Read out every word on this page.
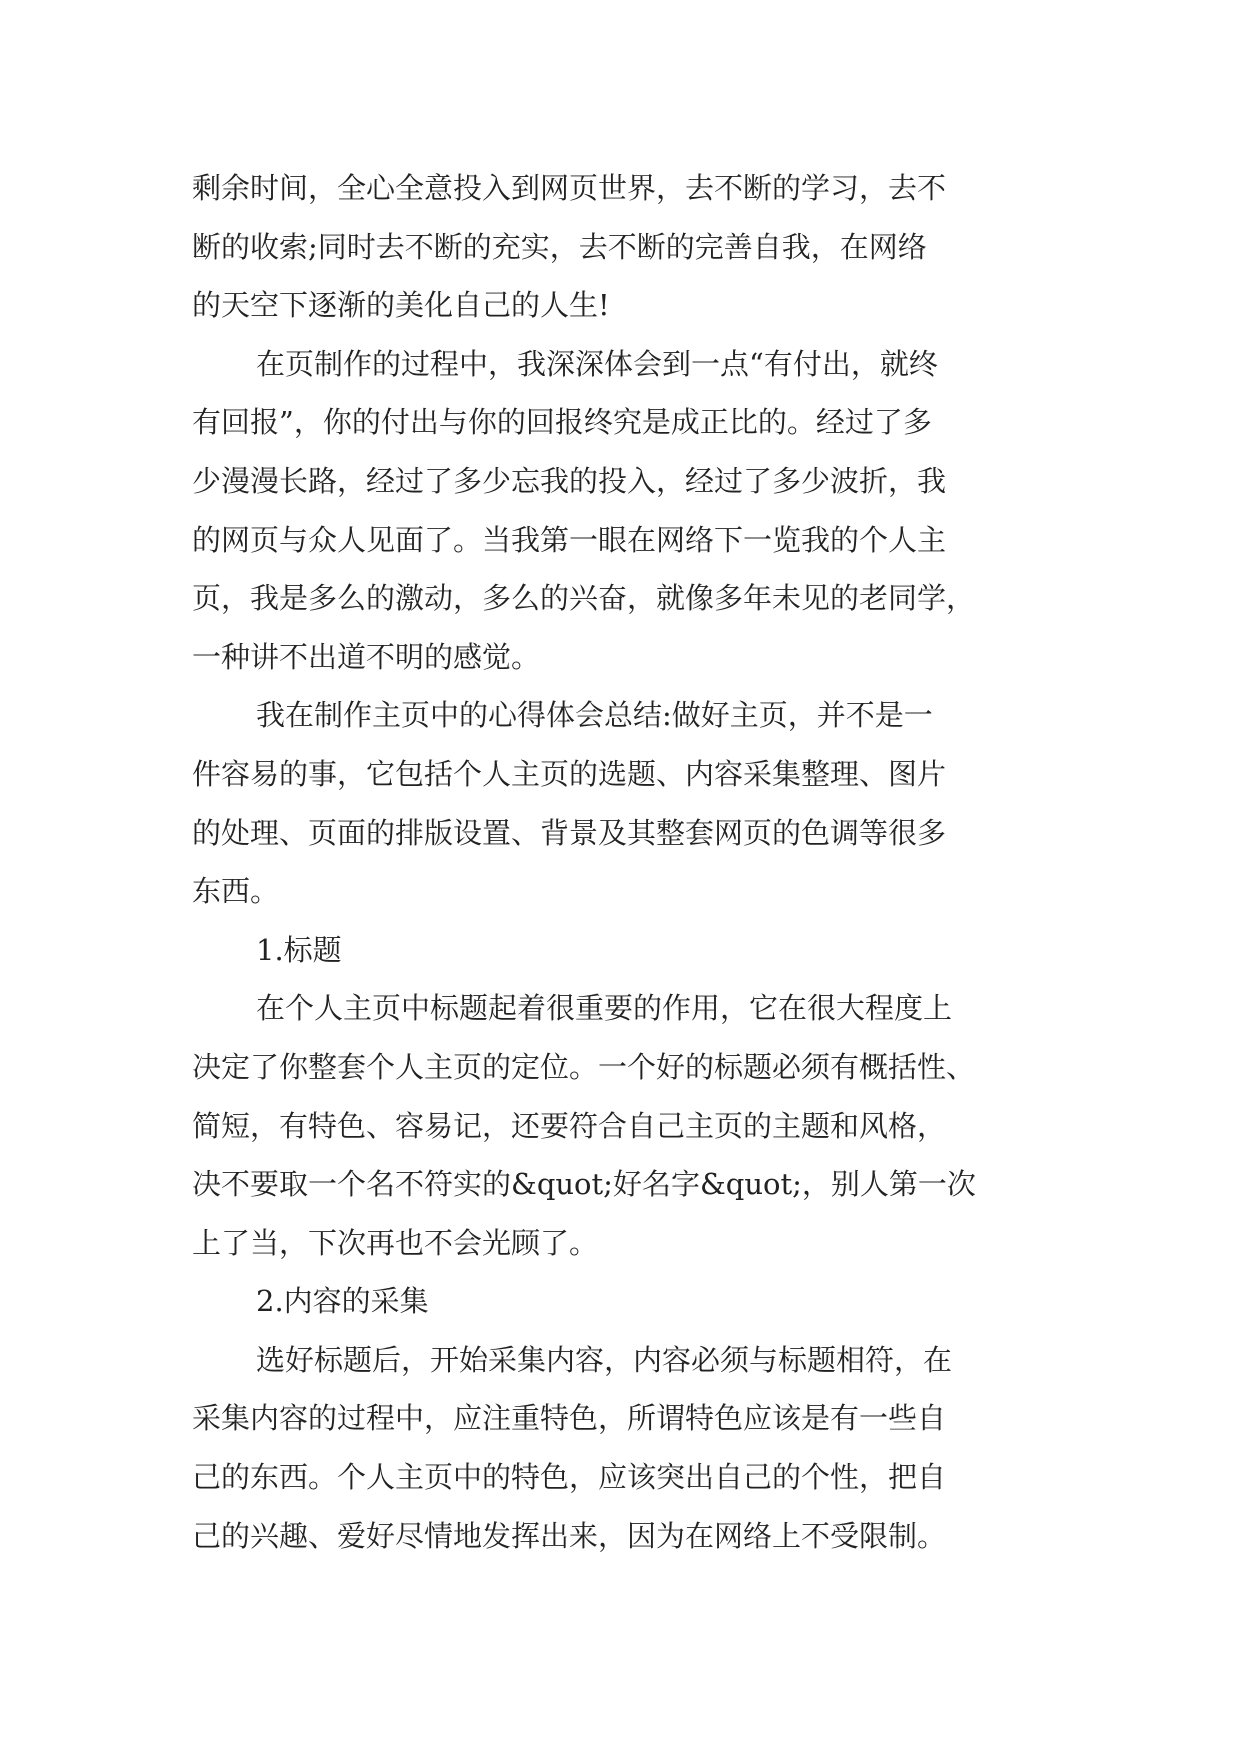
剩余时间，全心全意投入到网页世界，去不断的学习，去不
断的收索;同时去不断的充实，去不断的完善自我，在网络
的天空下逐渐的美化自己的人生!
在页制作的过程中，我深深体会到一点“有付出，就终
有回报”，你的付出与你的回报终究是成正比的。经过了多
少漫漫长路，经过了多少忘我的投入，经过了多少波折，我
的网页与众人见面了。当我第一眼在网络下一览我的个人主
页，我是多么的激动，多么的兴奋，就像多年未见的老同学，
一种讲不出道不明的感觉。
我在制作主页中的心得体会总结:做好主页，并不是一
件容易的事，它包括个人主页的选题、内容采集整理、图片
的处理、页面的排版设置、背景及其整套网页的色调等很多
东西。
1.标题
在个人主页中标题起着很重要的作用，它在很大程度上
决定了你整套个人主页的定位。一个好的标题必须有概括性、
简短，有特色、容易记，还要符合自己主页的主题和风格，
决不要取一个名不符实的&quot;好名字&quot;，别人第一次
上了当，下次再也不会光顾了。
2.内容的采集
选好标题后，开始采集内容，内容必须与标题相符，在
采集内容的过程中，应注重特色，所谓特色应该是有一些自
己的东西。个人主页中的特色，应该突出自己的个性，把自
己的兴趣、爱好尽情地发挥出来，因为在网络上不受限制。
